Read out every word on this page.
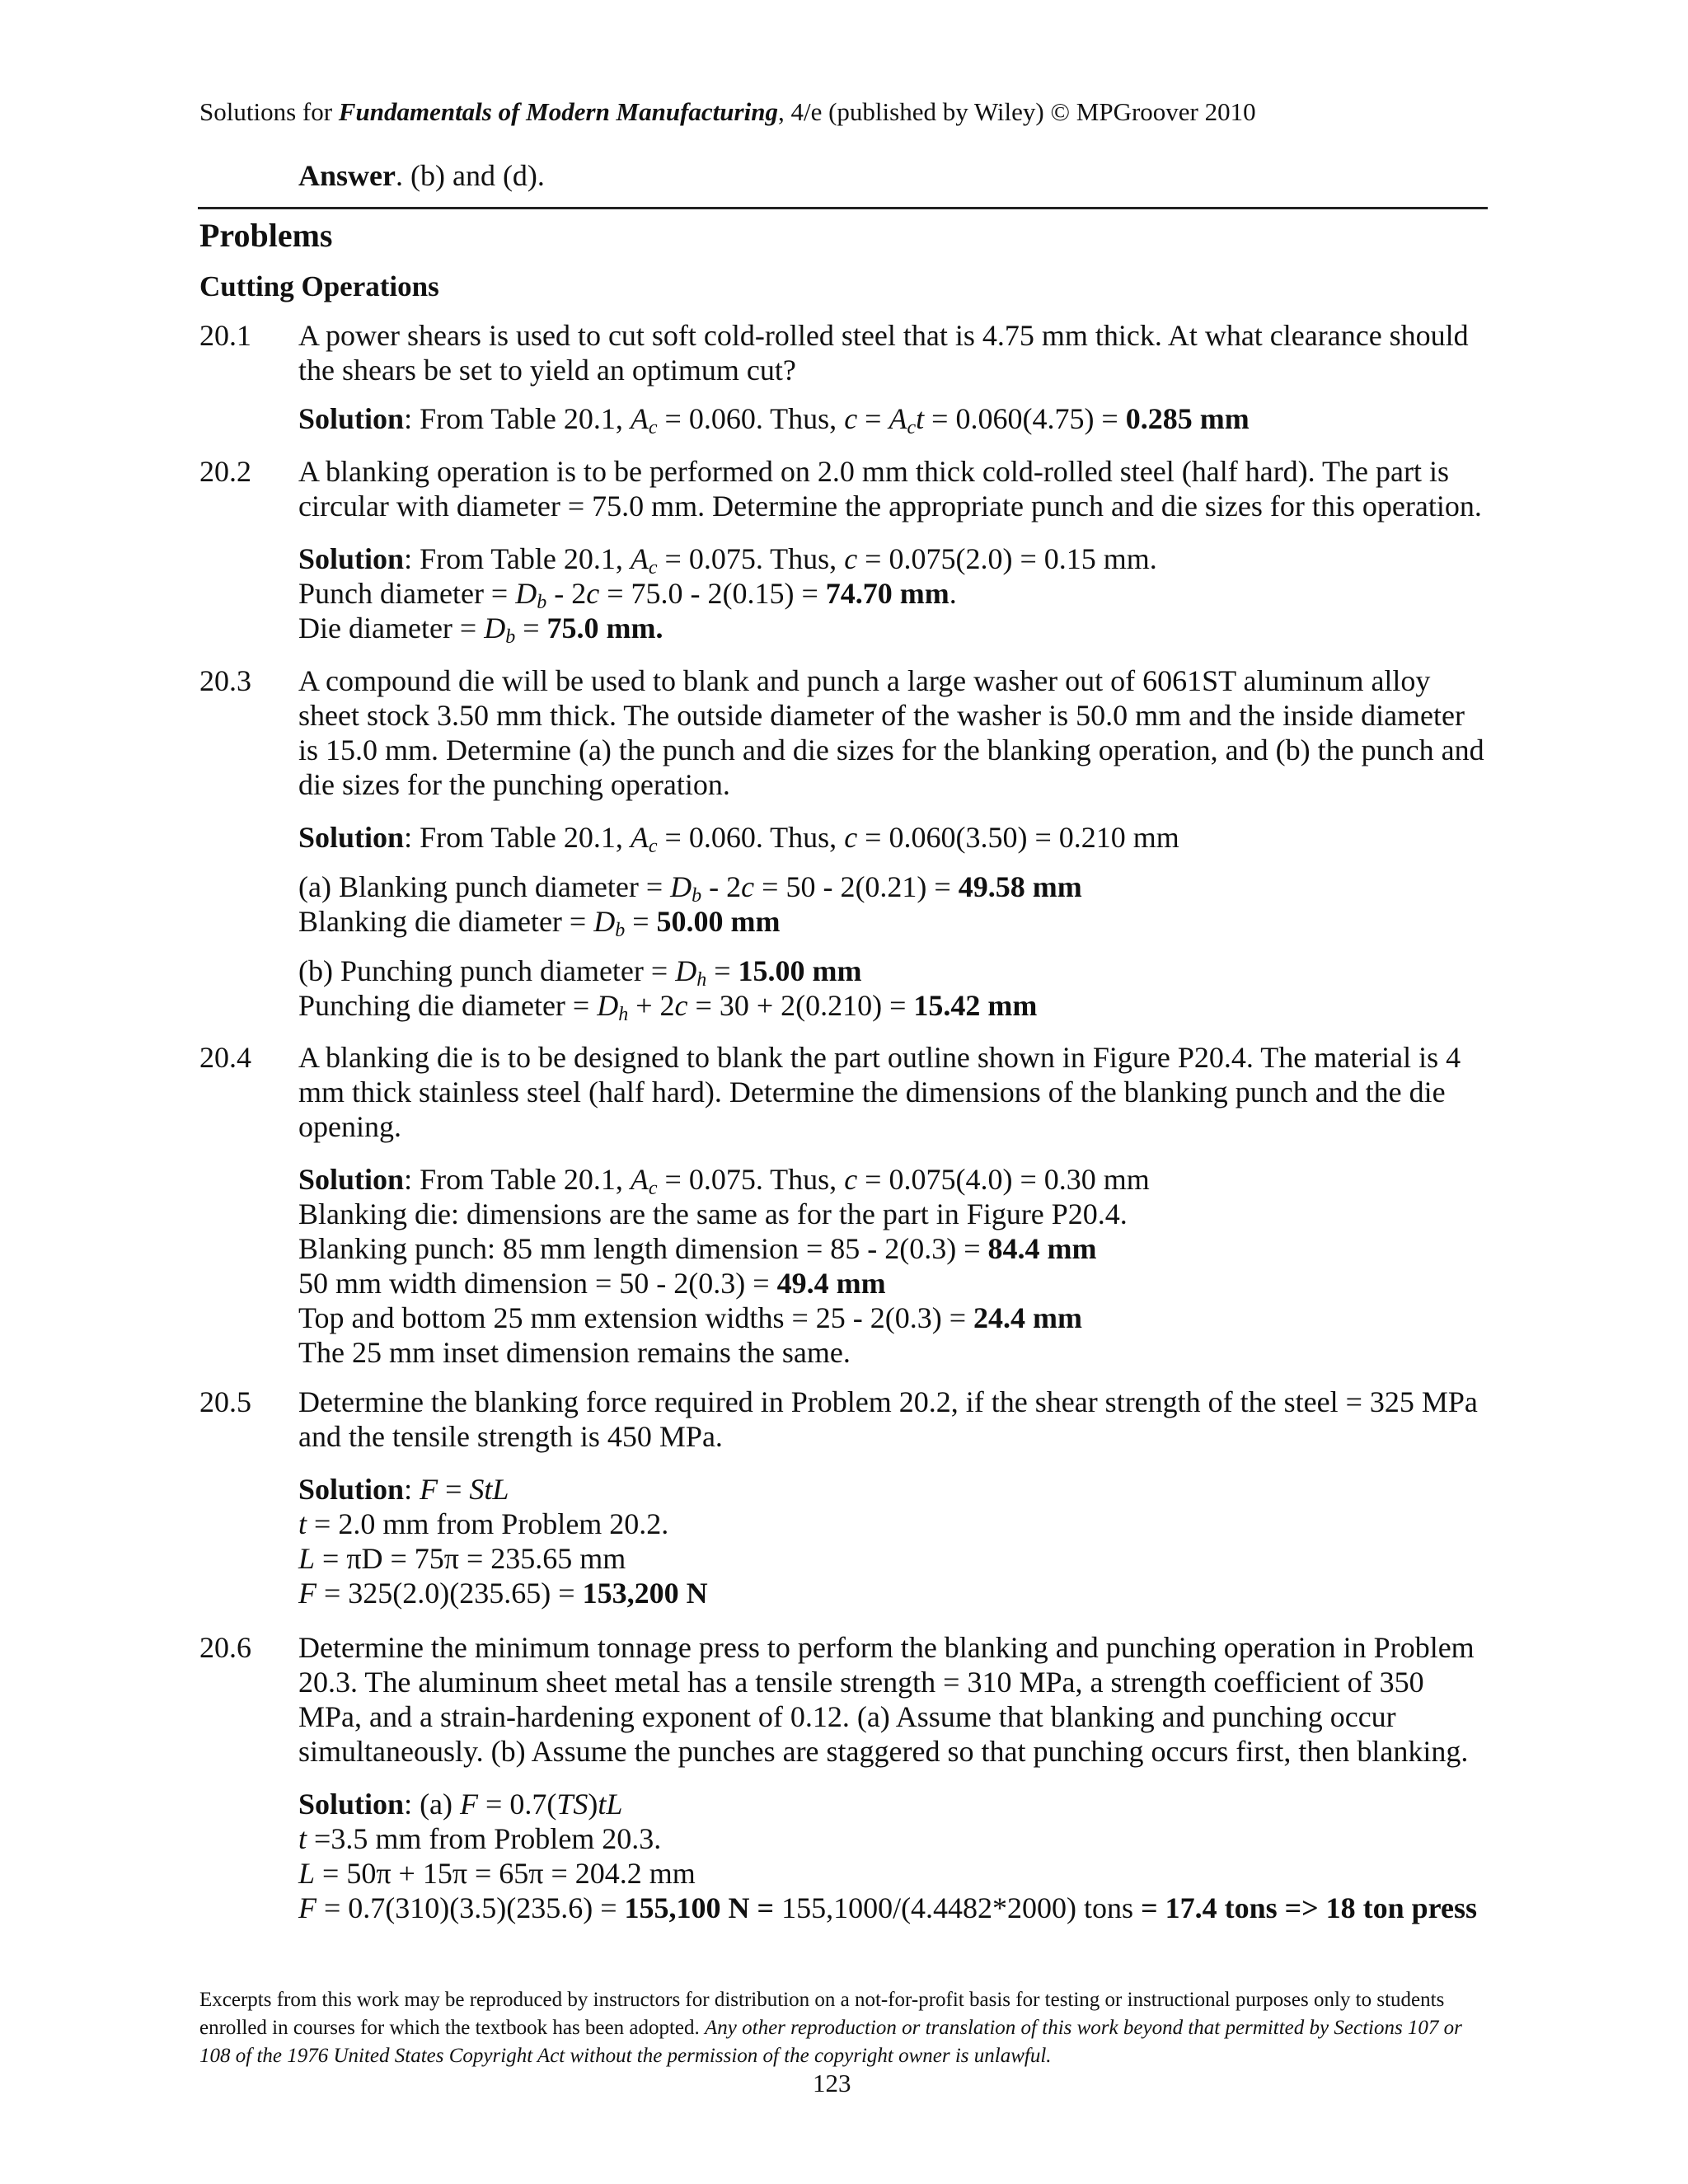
Solutions for Fundamentals of Modern Manufacturing, 4/e (published by Wiley) © MPGroover 2010
Answer. (b) and (d).
Problems
Cutting Operations
20.1 A power shears is used to cut soft cold-rolled steel that is 4.75 mm thick. At what clearance should
the shears be set to yield an optimum cut?
Solution: From Table 20.1, $A_c = 0.060$. Thus, $c = A_ct = 0.060(4.75) = 0.285$ mm
20.2 A blanking operation is to be performed on 2.0 mm thick cold-rolled steel (half hard). The part is
circular with diameter = 75.0 mm. Determine the appropriate punch and die sizes for this operation.
Solution: From Table 20.1, $A_c = 0.075$. Thus, c = 0.075(2.0) = 0.15 mm.
Punch diameter = $D_b - 2c = 75.0 - 2(0.15) = 74.70$ mm.
Die diameter = $D_b = 75.0$ mm.
20.3 A compound die will be used to blank and punch a large washer out of 6061ST aluminum alloy
sheet stock 3.50 mm thick. The outside diameter of the washer is 50.0 mm and the inside diameter
is 15.0 mm. Determine (a) the punch and die sizes for the blanking operation, and (b) the punch and
die sizes for the punching operation.
Solution: From Table 20.1, $A_c = 0.060$. Thus, c = 0.060(3.50) = 0.210 mm
(a) Blanking punch diameter = $D_b - 2c = 50 - 2(0.21) = 49.58$ mm
Blanking die diameter = $D_b = 50.00$ mm
(b) Punching punch diameter = $D_h = 15.00$ mm
Punching die diameter = $D_h + 2c = 30 + 2(0.210) = 15.42$ mm
20.4 A blanking die is to be designed to blank the part outline shown in Figure P20.4. The material is 4
mm thick stainless steel (half hard). Determine the dimensions of the blanking punch and the die
opening.
Solution: From Table 20.1, $A_c = 0.075$. Thus, c = 0.075(4.0) = 0.30 mm
Blanking die: dimensions are the same as for the part in Figure P20.4.
Blanking punch: 85 mm length dimension = 85 - 2(0.3) = 84.4 mm
50 mm width dimension = 50 - 2(0.3) = 49.4 mm
Top and bottom 25 mm extension widths = 25 - 2(0.3) = 24.4 mm
The 25 mm inset dimension remains the same.
20.5 Determine the blanking force required in Problem 20.2, if the shear strength of the steel = 325 MPa
and the tensile strength is 450 MPa.
Solution: F = StL
t = 2.0 mm from Problem 20.2.
L = πD = 75π = 235.65 mm
F = 325(2.0)(235.65) = 153,200 N
20.6 Determine the minimum tonnage press to perform the blanking and punching operation in Problem
20.3. The aluminum sheet metal has a tensile strength = 310 MPa, a strength coefficient of 350
MPa, and a strain-hardening exponent of 0.12. (a) Assume that blanking and punching occur
simultaneously. (b) Assume the punches are staggered so that punching occurs first, then blanking.
Solution: (a) F = 0.7(TS)tL
t =3.5 mm from Problem 20.3.
L = 50π + 15π = 65π = 204.2 mm
F = 0.7(310)(3.5)(235.6) = 155,100 N = 155,1000/(4.4482*2000) tons = 17.4 tons => 18 ton press
Excerpts from this work may be reproduced by instructors for distribution on a not-for-profit basis for testing or instructional purposes only to students enrolled in courses for which the textbook has been adopted. Any other reproduction or translation of this work beyond that permitted by Sections 107 or 108 of the 1976 United States Copyright Act without the permission of the copyright owner is unlawful.
123
